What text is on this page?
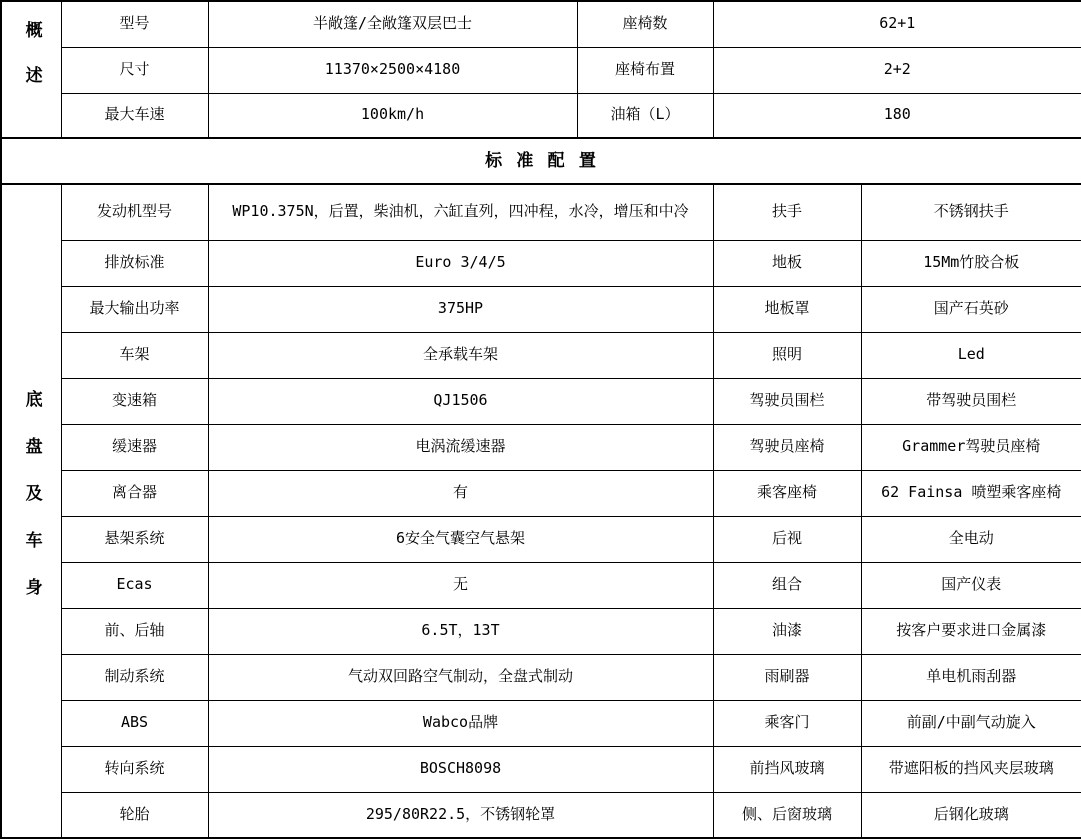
概述	型号	半敞篷/全敞篷双层巴士	座椅数	62+1	
	尺寸	11370×2500×4180	座椅布置	2+2	
	最大车速	100km/h	油箱（L）	180	
标 准 配 置					
底盘及车身	发动机型号	WP10.375N，后置，柴油机，六缸直列，四冲程，水冷，增压和中冷		扶手	不锈钢扶手
	排放标准	Euro 3/4/5		地板	15Mm竹胶合板
	最大输出功率	375HP		地板罩	国产石英砂
	车架	全承载车架		照明	Led
	变速箱	QJ1506		驾驶员围栏	带驾驶员围栏
	缓速器	电涡流缓速器		驾驶员座椅	Grammer驾驶员座椅
	离合器	有		乘客座椅	62 Fainsa 喷塑乘客座椅
	悬架系统	6安全气囊空气悬架		后视	全电动
	Ecas	无		组合	国产仪表
	前、后轴	6.5T，13T		油漆	按客户要求进口金属漆
	制动系统	气动双回路空气制动，全盘式制动		雨刷器	单电机雨刮器
	ABS	Wabco品牌		乘客门	前副/中副气动旋入
	转向系统	BOSCH8098		前挡风玻璃	带遮阳板的挡风夹层玻璃
	轮胎	295/80R22.5，不锈钢轮罩		侧、后窗玻璃	后钢化玻璃
